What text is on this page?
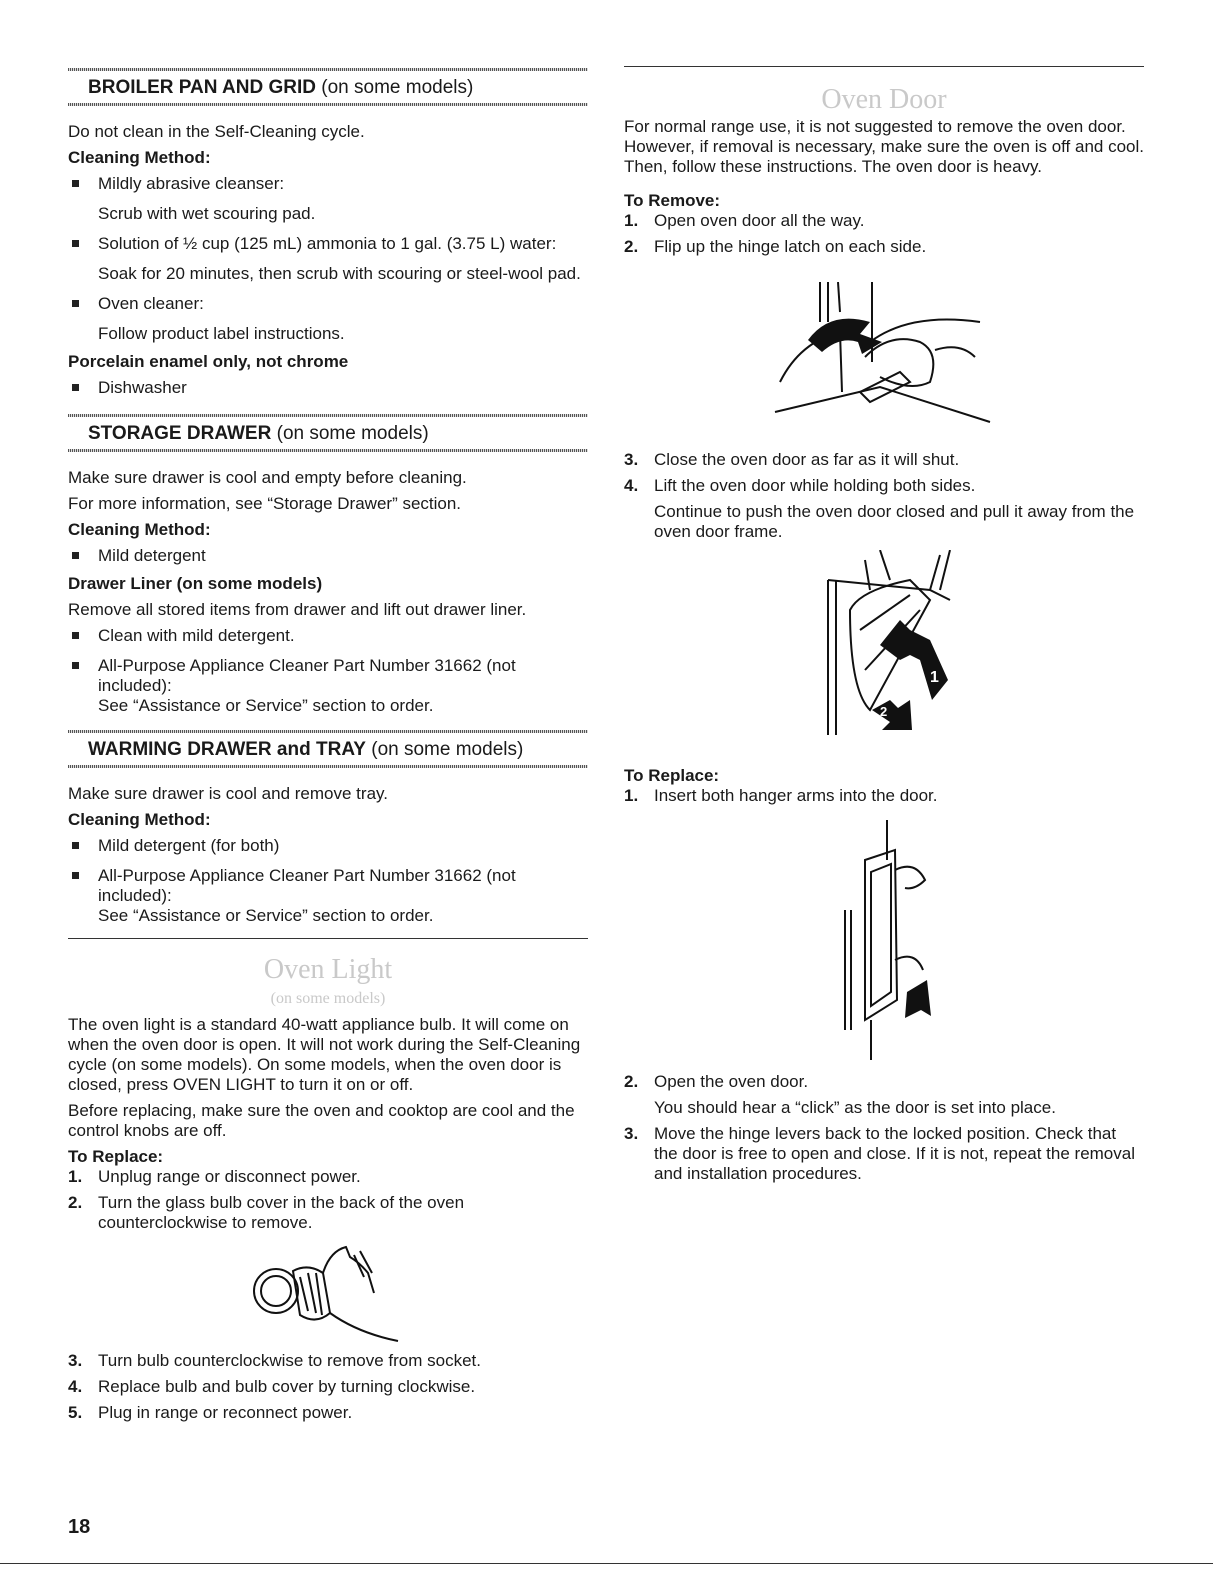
BROILER PAN AND GRID (on some models)

Do not clean in the Self-Cleaning cycle.

Cleaning Method:

Mildly abrasive cleanser:

Scrub with wet scouring pad.

Solution of ½ cup (125 mL) ammonia to 1 gal. (3.75 L) water:

Soak for 20 minutes, then scrub with scouring or steel-wool pad.

Oven cleaner:

Follow product label instructions.

Porcelain enamel only, not chrome

Dishwasher

STORAGE DRAWER (on some models)

Make sure drawer is cool and empty before cleaning.

For more information, see “Storage Drawer” section.

Cleaning Method:

Mild detergent

Drawer Liner (on some models)

Remove all stored items from drawer and lift out drawer liner.

Clean with mild detergent.

All-Purpose Appliance Cleaner Part Number 31662 (not included):

See “Assistance or Service” section to order.

WARMING DRAWER and TRAY (on some models)

Make sure drawer is cool and remove tray.

Cleaning Method:

Mild detergent (for both)

All-Purpose Appliance Cleaner Part Number 31662 (not included):

See “Assistance or Service” section to order.

Oven Light
(on some models)

The oven light is a standard 40-watt appliance bulb. It will come on when the oven door is open. It will not work during the Self-Cleaning cycle (on some models). On some models, when the oven door is closed, press OVEN LIGHT to turn it on or off.

Before replacing, make sure the oven and cooktop are cool and the control knobs are off.

To Replace:

1. Unplug range or disconnect power.

2. Turn the glass bulb cover in the back of the oven counterclockwise to remove.

3. Turn bulb counterclockwise to remove from socket.

4. Replace bulb and bulb cover by turning clockwise.

5. Plug in range or reconnect power.

18
Oven Door

For normal range use, it is not suggested to remove the oven door. However, if removal is necessary, make sure the oven is off and cool. Then, follow these instructions. The oven door is heavy.

To Remove:

1. Open oven door all the way.

2. Flip up the hinge latch on each side.

3. Close the oven door as far as it will shut.

4. Lift the oven door while holding both sides.

Continue to push the oven door closed and pull it away from the oven door frame.

1
2

To Replace:

1. Insert both hanger arms into the door.

2. Open the oven door.

You should hear a “click” as the door is set into place.

3. Move the hinge levers back to the locked position. Check that the door is free to open and close. If it is not, repeat the removal and installation procedures.
